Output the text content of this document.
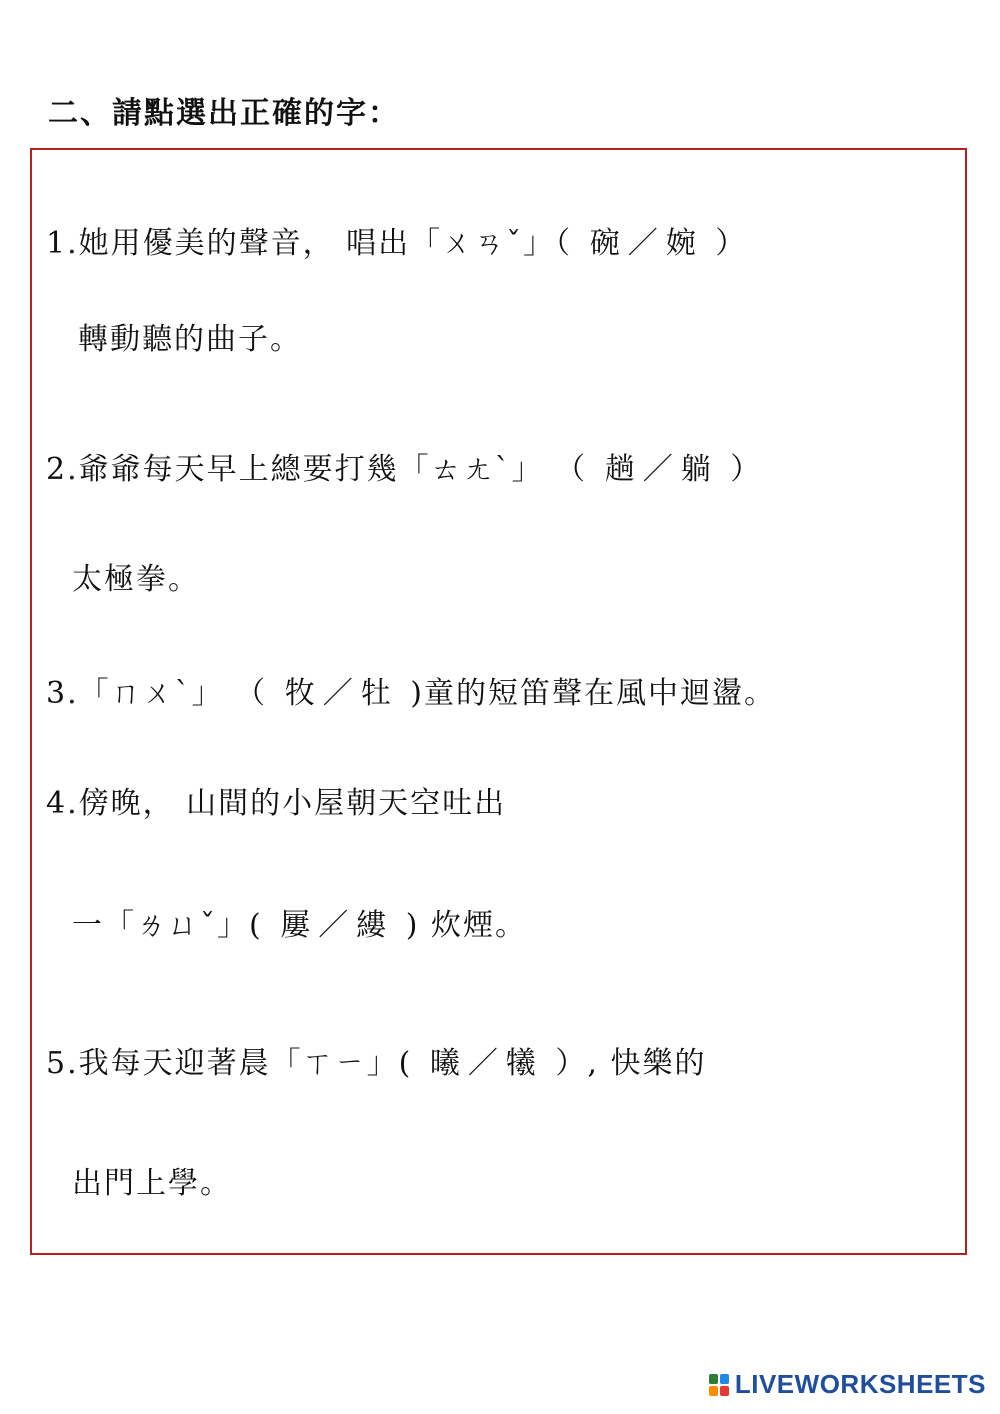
二、請點選出正確的字：
1.她用優美的聲音， 唱出「ㄨㄢˇ」（ 碗 ／ 婉 ）
轉動聽的曲子。
2.爺爺每天早上總要打幾「ㄊㄤˋ」 （ 趟 ／ 躺 ）
太極拳。
3.「ㄇㄨˋ」 （ 牧 ／ 牡 )童的短笛聲在風中迴盪。
4.傍晚， 山間的小屋朝天空吐出
一「ㄌㄩˇ」( 屢 ／ 縷 ) 炊煙。
5.我每天迎著晨「ㄒㄧ」( 曦 ／ 犧 ）, 快樂的
出門上學。
LIVEWORKSHEETS
